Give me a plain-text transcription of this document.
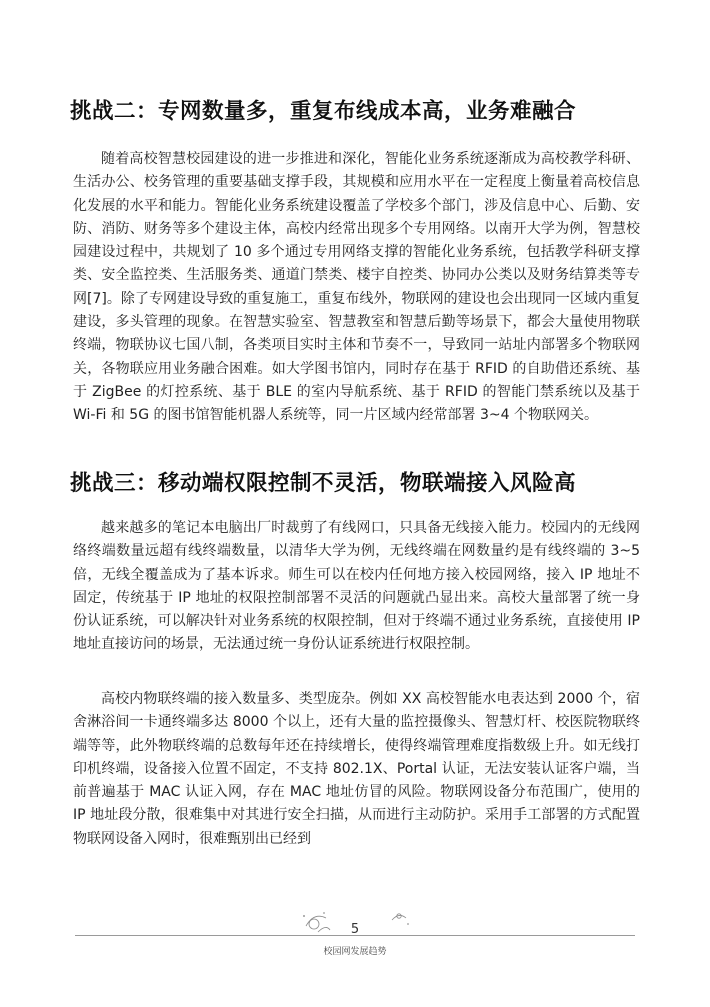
挑战二：专网数量多，重复布线成本高，业务难融合

随着高校智慧校园建设的进一步推进和深化，智能化业务系统逐渐成为高校教学科研、生活办公、校务管理的重要基础支撑手段，其规模和应用水平在一定程度上衡量着高校信息化发展的水平和能力。智能化业务系统建设覆盖了学校多个部门，涉及信息中心、后勤、安防、消防、财务等多个建设主体，高校内经常出现多个专用网络。以南开大学为例，智慧校园建设过程中，共规划了 10 多个通过专用网络支撑的智能化业务系统，包括教学科研支撑类、安全监控类、生活服务类、通道门禁类、楼宇自控类、协同办公类以及财务结算类等专网[7]。除了专网建设导致的重复施工，重复布线外，物联网的建设也会出现同一区域内重复建设，多头管理的现象。在智慧实验室、智慧教室和智慧后勤等场景下，都会大量使用物联终端，物联协议七国八制，各类项目实时主体和节奏不一，导致同一站址内部署多个物联网关，各物联应用业务融合困难。如大学图书馆内，同时存在基于 RFID 的自助借还系统、基于 ZigBee 的灯控系统、基于 BLE 的室内导航系统、基于 RFID 的智能门禁系统以及基于 Wi-Fi 和 5G 的图书馆智能机器人系统等，同一片区域内经常部署 3~4 个物联网关。

挑战三：移动端权限控制不灵活，物联端接入风险高

越来越多的笔记本电脑出厂时裁剪了有线网口，只具备无线接入能力。校园内的无线网络终端数量远超有线终端数量，以清华大学为例，无线终端在网数量约是有线终端的 3~5 倍，无线全覆盖成为了基本诉求。师生可以在校内任何地方接入校园网络，接入 IP 地址不固定，传统基于 IP 地址的权限控制部署不灵活的问题就凸显出来。高校大量部署了统一身份认证系统，可以解决针对业务系统的权限控制，但对于终端不通过业务系统，直接使用 IP 地址直接访问的场景，无法通过统一身份认证系统进行权限控制。

高校内物联终端的接入数量多、类型庞杂。例如 XX 高校智能水电表达到 2000 个，宿舍淋浴间一卡通终端多达 8000 个以上，还有大量的监控摄像头、智慧灯杆、校医院物联终端等等，此外物联终端的总数每年还在持续增长，使得终端管理难度指数级上升。如无线打印机终端，设备接入位置不固定，不支持 802.1X、Portal 认证，无法安装认证客户端，当前普遍基于 MAC 认证入网，存在 MAC 地址仿冒的风险。物联网设备分布范围广，使用的 IP 地址段分散，很难集中对其进行安全扫描，从而进行主动防护。采用手工部署的方式配置物联网设备入网时，很难甄别出已经到

5
校园网发展趋势
